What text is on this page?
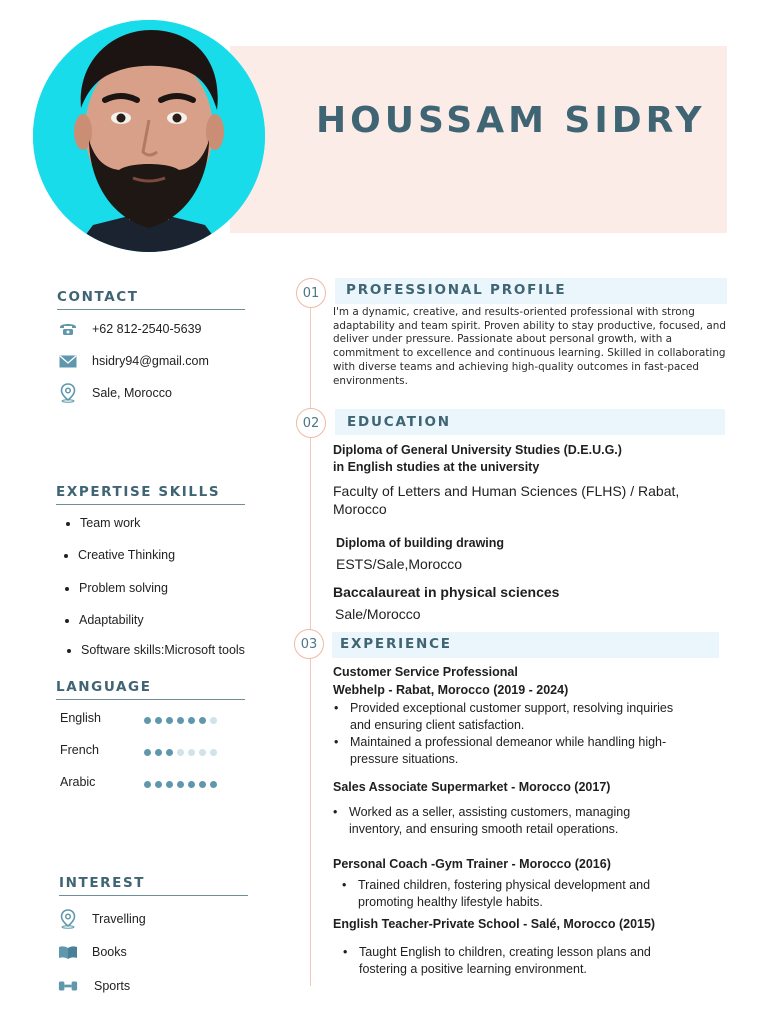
HOUSSAM SIDRY
CONTACT
+62 812-2540-5639
hsidry94@gmail.com
Sale, Morocco
EXPERTISE SKILLS
Team work
Creative Thinking
Problem solving
Adaptability
Software skills:Microsoft tools
LANGUAGE
English
French
Arabic
INTEREST
Travelling
Books
Sports
01	PROFESSIONAL PROFILE
I'm a dynamic, creative, and results-oriented professional with strong adaptability and team spirit. Proven ability to stay productive, focused, and deliver under pressure. Passionate about personal growth, with a commitment to excellence and continuous learning. Skilled in collaborating with diverse teams and achieving high-quality outcomes in fast-paced environments.
02	EDUCATION
Diploma of General University Studies (D.E.U.G.)
in English studies at the university
Faculty of Letters and Human Sciences (FLHS) / Rabat,
Morocco
Diploma of building drawing
ESTS/Sale,Morocco
Baccalaureat in physical sciences
Sale/Morocco
03	EXPERIENCE
Customer Service Professional
Webhelp - Rabat, Morocco (2019 - 2024)
• Provided exceptional customer support, resolving inquiries
and ensuring client satisfaction.
• Maintained a professional demeanor while handling high-
pressure situations.
Sales Associate Supermarket - Morocco (2017)
• Worked as a seller, assisting customers, managing
inventory, and ensuring smooth retail operations.
Personal Coach -Gym Trainer - Morocco (2016)
• Trained children, fostering physical development and
promoting healthy lifestyle habits.
English Teacher-Private School - Salé, Morocco (2015)
• Taught English to children, creating lesson plans and
fostering a positive learning environment.
